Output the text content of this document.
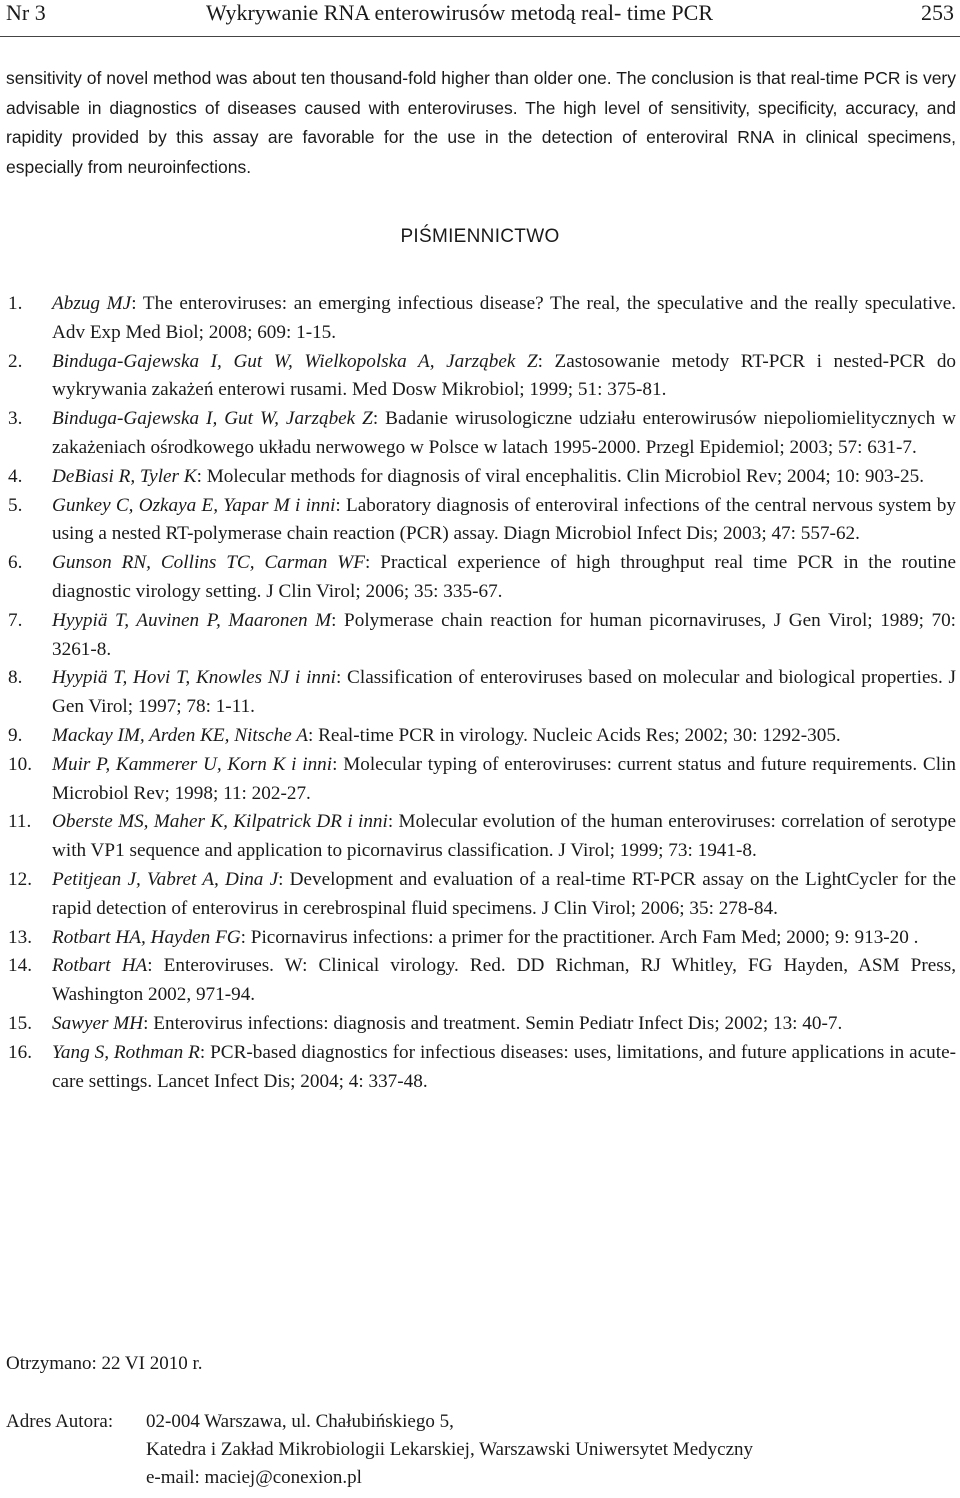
Nr 3	Wykrywanie RNA enterowirusów metodą real- time PCR	253

sensitivity of novel method was about ten thousand-fold higher than older one. The conclusion is that real-time PCR is very advisable in diagnostics of diseases caused with enteroviruses. The high level of sensitivity, specificity, accuracy, and rapidity provided by this assay are favorable for the use in the detection of enteroviral RNA in clinical specimens, especially from neuroinfections.

PIŚMIENNICTWO
1.	Abzug MJ: The enteroviruses: an emerging infectious disease? The real, the speculative and the really speculative. Adv Exp Med Biol; 2008; 609: 1-15.
2.	Binduga-Gajewska I, Gut W, Wielkopolska A, Jarząbek Z: Zastosowanie metody RT-PCR i nested-PCR do wykrywania zakażeń enterowi rusami. Med Dosw Mikrobiol; 1999; 51: 375-81.
3.	Binduga-Gajewska I, Gut W, Jarząbek Z: Badanie wirusologiczne udziału enterowirusów niepoliomielitycznych w zakażeniach ośrodkowego układu nerwowego w Polsce w latach 1995-2000. Przegl Epidemiol; 2003; 57: 631-7.
4.	DeBiasi R, Tyler K: Molecular methods for diagnosis of viral encephalitis. Clin Microbiol Rev; 2004; 10: 903-25.
5.	Gunkey C, Ozkaya E, Yapar M i inni: Laboratory diagnosis of enteroviral infections of the central nervous system by using a nested RT-polymerase chain reaction (PCR) assay. Diagn Microbiol Infect Dis; 2003; 47: 557-62.
6.	Gunson RN, Collins TC, Carman WF: Practical experience of high throughput real time PCR in the routine diagnostic virology setting. J Clin Virol; 2006; 35: 335-67.
7.	Hyypiä T, Auvinen P, Maaronen M: Polymerase chain reaction for human picornaviruses, J Gen Virol; 1989; 70: 3261-8.
8.	Hyypiä T, Hovi T, Knowles NJ i inni: Classification of enteroviruses based on molecular and biological properties. J Gen Virol; 1997; 78: 1-11.
9.	Mackay IM, Arden KE, Nitsche A: Real-time PCR in virology. Nucleic Acids Res; 2002; 30: 1292-305.
10.	Muir P, Kammerer U, Korn K i inni: Molecular typing of enteroviruses: current status and future requirements. Clin Microbiol Rev; 1998; 11: 202-27.
11.	Oberste MS, Maher K, Kilpatrick DR i inni: Molecular evolution of the human enteroviruses: correlation of serotype with VP1 sequence and application to picornavirus classification. J Virol; 1999; 73: 1941-8.
12.	Petitjean J, Vabret A, Dina J: Development and evaluation of a real-time RT-PCR assay on the LightCycler for the rapid detection of enterovirus in cerebrospinal fluid specimens. J Clin Virol; 2006; 35: 278-84.
13.	Rotbart HA, Hayden FG: Picornavirus infections: a primer for the practitioner. Arch Fam Med; 2000; 9: 913-20 .
14.	Rotbart HA: Enteroviruses. W: Clinical virology. Red. DD Richman, RJ Whitley, FG Hayden, ASM Press, Washington 2002, 971-94.
15.	Sawyer MH: Enterovirus infections: diagnosis and treatment. Semin Pediatr Infect Dis; 2002; 13: 40-7.
16.	Yang S, Rothman R: PCR-based diagnostics for infectious diseases: uses, limitations, and future applications in acute-care settings. Lancet Infect Dis; 2004; 4: 337-48.
Otrzymano: 22 VI 2010 r.
Adres Autora: 02-004 Warszawa, ul. Chałubińskiego 5,
Katedra i Zakład Mikrobiologii Lekarskiej, Warszawski Uniwersytet Medyczny
e-mail: maciej@conexion.pl
